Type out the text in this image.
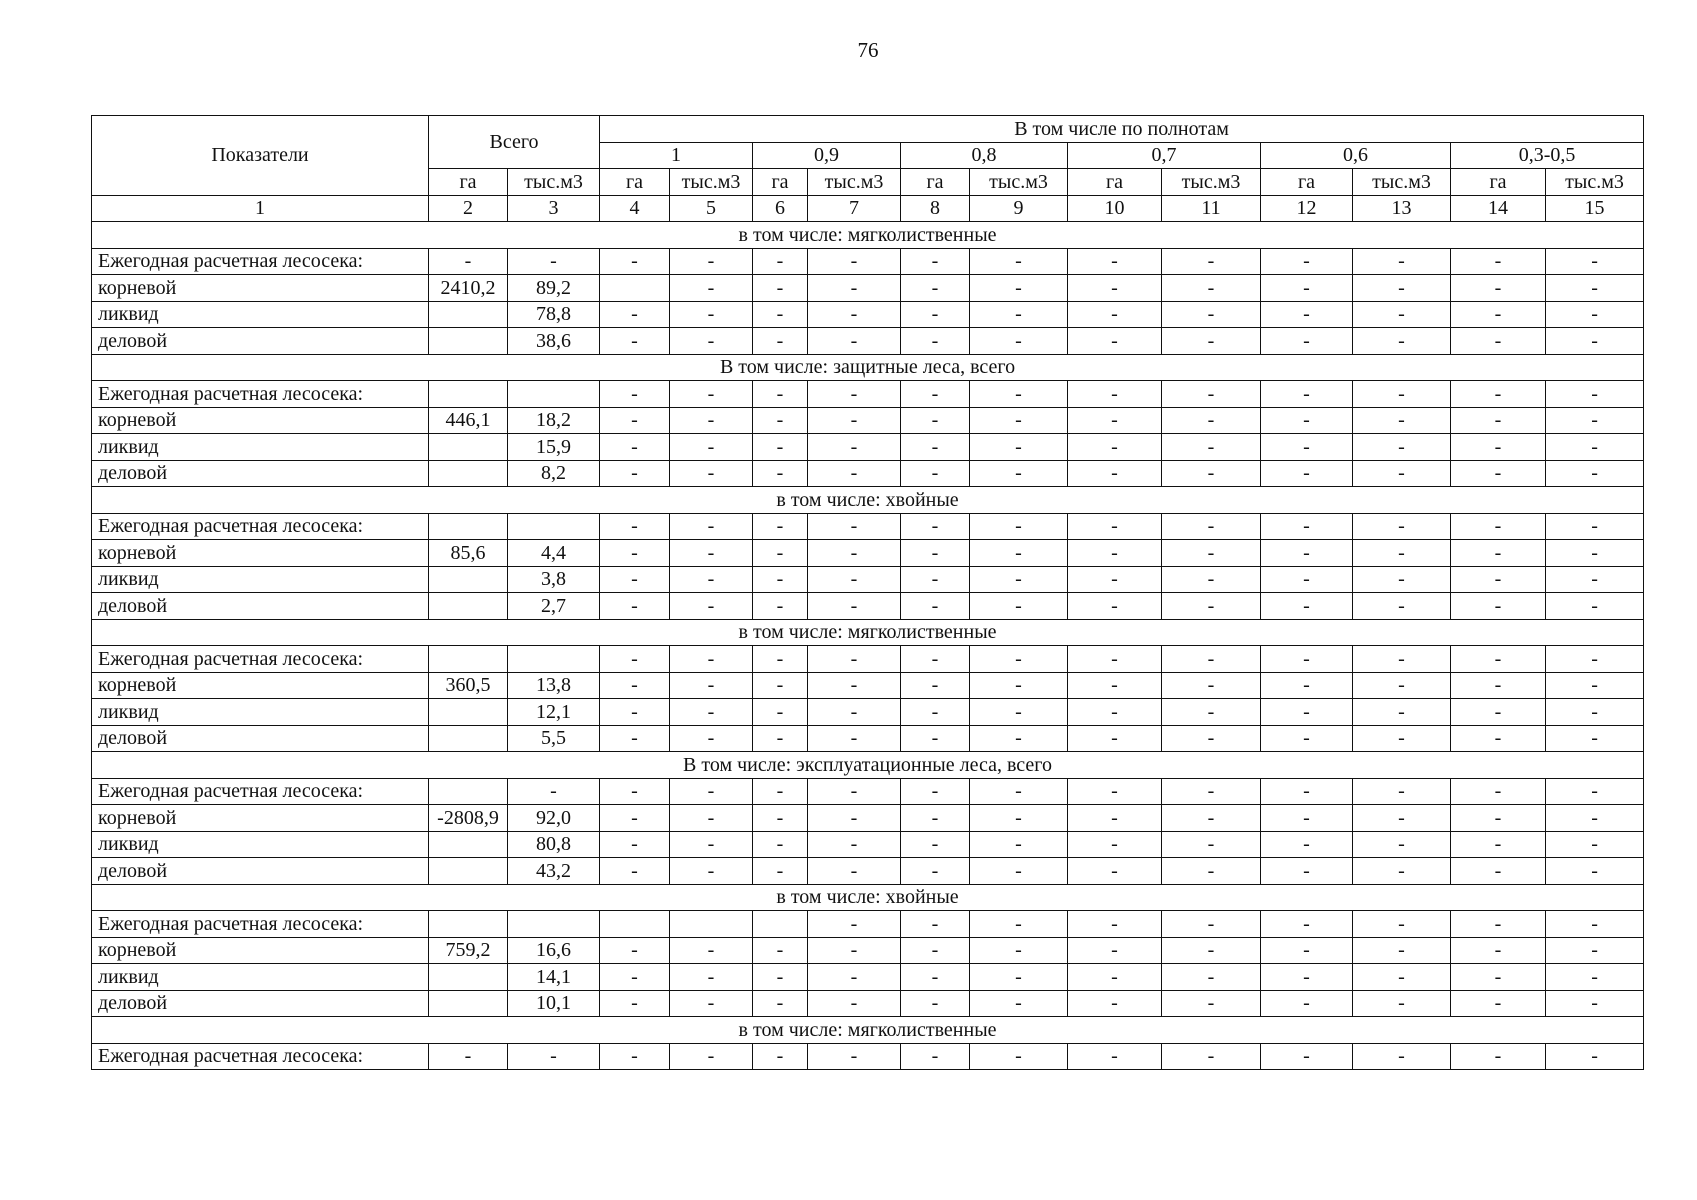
76
Показатели	Всего		В том числе по полнотам											
			1		0,9		0,8		0,7		0,6		0,3-0,5	
	га	тыс.м3	га	тыс.м3	га	тыс.м3	га	тыс.м3	га	тыс.м3	га	тыс.м3	га	тыс.м3
1	2	3	4	5	6	7	8	9	10	11	12	13	14	15
в том числе: мягколиственные														
Ежегодная расчетная лесосека:	-	-	-	-	-	-	-	-	-	-	-	-	-	-
корневой	2410,2	89,2		-	-	-	-	-	-	-	-	-	-	-
ликвид		78,8	-	-	-	-	-	-	-	-	-	-	-	-
деловой		38,6	-	-	-	-	-	-	-	-	-	-	-	-
В том числе: защитные леса, всего														
Ежегодная расчетная лесосека:			-	-	-	-	-	-	-	-	-	-	-	-
корневой	446,1	18,2	-	-	-	-	-	-	-	-	-	-	-	-
ликвид		15,9	-	-	-	-	-	-	-	-	-	-	-	-
деловой		8,2	-	-	-	-	-	-	-	-	-	-	-	-
в том числе: хвойные														
Ежегодная расчетная лесосека:			-	-	-	-	-	-	-	-	-	-	-	-
корневой	85,6	4,4	-	-	-	-	-	-	-	-	-	-	-	-
ликвид		3,8	-	-	-	-	-	-	-	-	-	-	-	-
деловой		2,7	-	-	-	-	-	-	-	-	-	-	-	-
в том числе: мягколиственные														
Ежегодная расчетная лесосека:			-	-	-	-	-	-	-	-	-	-	-	-
корневой	360,5	13,8	-	-	-	-	-	-	-	-	-	-	-	-
ликвид		12,1	-	-	-	-	-	-	-	-	-	-	-	-
деловой		5,5	-	-	-	-	-	-	-	-	-	-	-	-
В том числе: эксплуатационные леса, всего														
Ежегодная расчетная лесосека:		-	-	-	-	-	-	-	-	-	-	-	-	-
корневой	-2808,9	92,0	-	-	-	-	-	-	-	-	-	-	-	-
ликвид		80,8	-	-	-	-	-	-	-	-	-	-	-	-
деловой		43,2	-	-	-	-	-	-	-	-	-	-	-	-
в том числе: хвойные														
Ежегодная расчетная лесосека:						-	-	-	-	-	-	-	-	-
корневой	759,2	16,6	-	-	-	-	-	-	-	-	-	-	-	-
ликвид		14,1	-	-	-	-	-	-	-	-	-	-	-	-
деловой		10,1	-	-	-	-	-	-	-	-	-	-	-	-
в том числе: мягколиственные														
Ежегодная расчетная лесосека:	-	-	-	-	-	-	-	-	-	-	-	-	-	-
